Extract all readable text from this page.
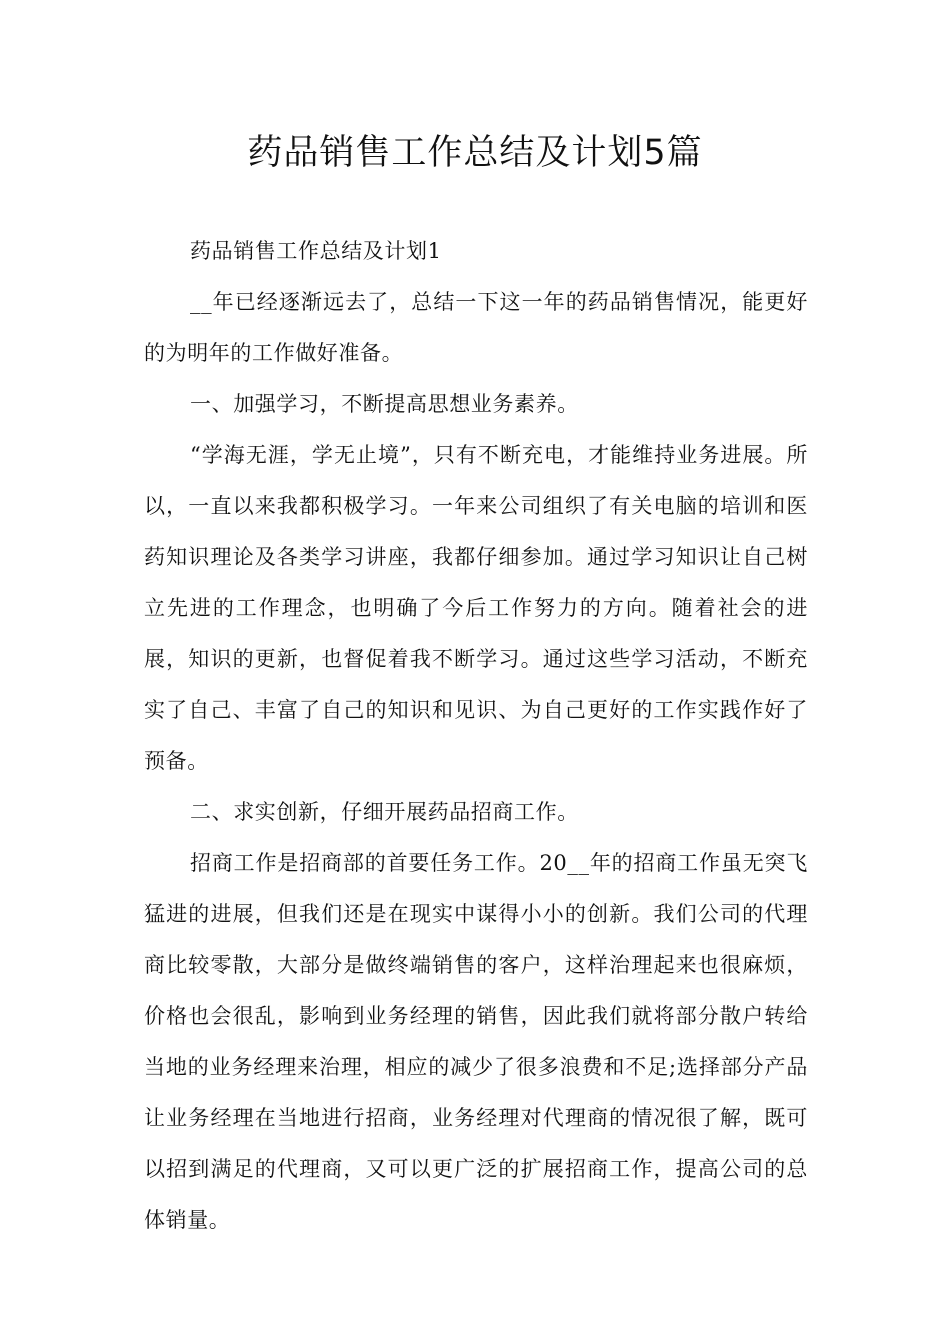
药品销售工作总结及计划5篇

药品销售工作总结及计划1

__年已经逐渐远去了，总结一下这一年的药品销售情况，能更好的为明年的工作做好准备。

一、加强学习，不断提高思想业务素养。

“学海无涯，学无止境”，只有不断充电，才能维持业务进展。所以，一直以来我都积极学习。一年来公司组织了有关电脑的培训和医药知识理论及各类学习讲座，我都仔细参加。通过学习知识让自己树立先进的工作理念，也明确了今后工作努力的方向。随着社会的进展，知识的更新，也督促着我不断学习。通过这些学习活动，不断充实了自己、丰富了自己的知识和见识、为自己更好的工作实践作好了预备。

二、求实创新，仔细开展药品招商工作。

招商工作是招商部的首要任务工作。20__年的招商工作虽无突飞猛进的进展，但我们还是在现实中谋得小小的创新。我们公司的代理商比较零散，大部分是做终端销售的客户，这样治理起来也很麻烦，价格也会很乱，影响到业务经理的销售，因此我们就将部分散户转给当地的业务经理来治理，相应的减少了很多浪费和不足;选择部分产品让业务经理在当地进行招商，业务经理对代理商的情况很了解，既可以招到满足的代理商，又可以更广泛的扩展招商工作，提高公司的总体销量。
